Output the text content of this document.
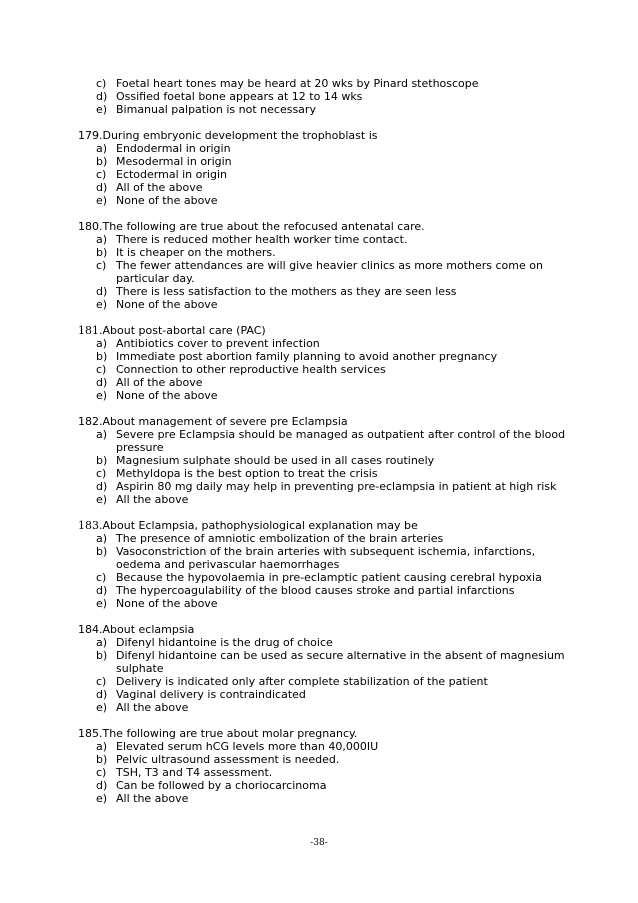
c) Foetal heart tones may be heard at 20 wks by Pinard stethoscope
d) Ossified foetal bone appears at 12 to 14 wks
e) Bimanual palpation is not necessary
179.During embryonic development the trophoblast is
a) Endodermal in origin
b) Mesodermal in origin
c) Ectodermal in origin
d) All of the above
e) None of the above
180.The following are true about the refocused antenatal care.
a) There is reduced mother health worker time contact.
b) It is cheaper on the mothers.
c) The fewer attendances are will give heavier clinics as more mothers come on particular day.
d) There is less satisfaction to the mothers as they are seen less
e) None of the above
181.About post-abortal care (PAC)
a) Antibiotics cover to prevent infection
b) Immediate post abortion family planning to avoid another pregnancy
c) Connection to other reproductive health services
d) All of the above
e) None of the above
182.About management of severe pre Eclampsia
a) Severe pre Eclampsia should be managed as outpatient after control of the blood pressure
b) Magnesium sulphate should be used in all cases routinely
c) Methyldopa is the best option to treat the crisis
d) Aspirin 80 mg daily may help in preventing pre-eclampsia in patient at high risk
e) All the above
183.About Eclampsia, pathophysiological explanation may be
a) The presence of amniotic embolization of the brain arteries
b) Vasoconstriction of the brain arteries with subsequent ischemia, infarctions, oedema and perivascular haemorrhages
c) Because the hypovolaemia in pre-eclamptic patient causing cerebral hypoxia
d) The hypercoagulability of the blood causes stroke and partial infarctions
e) None of the above
184.About eclampsia
a) Difenyl hidantoine is the drug of choice
b) Difenyl hidantoine can be used as secure alternative in the absent of magnesium sulphate
c) Delivery is indicated only after complete stabilization of the patient
d) Vaginal delivery is contraindicated
e) All the above
185.The following are true about molar pregnancy.
a) Elevated serum hCG levels more than 40,000IU
b) Pelvic ultrasound assessment is needed.
c) TSH, T3 and T4 assessment.
d) Can be followed by a choriocarcinoma
e) All the above
-38-
